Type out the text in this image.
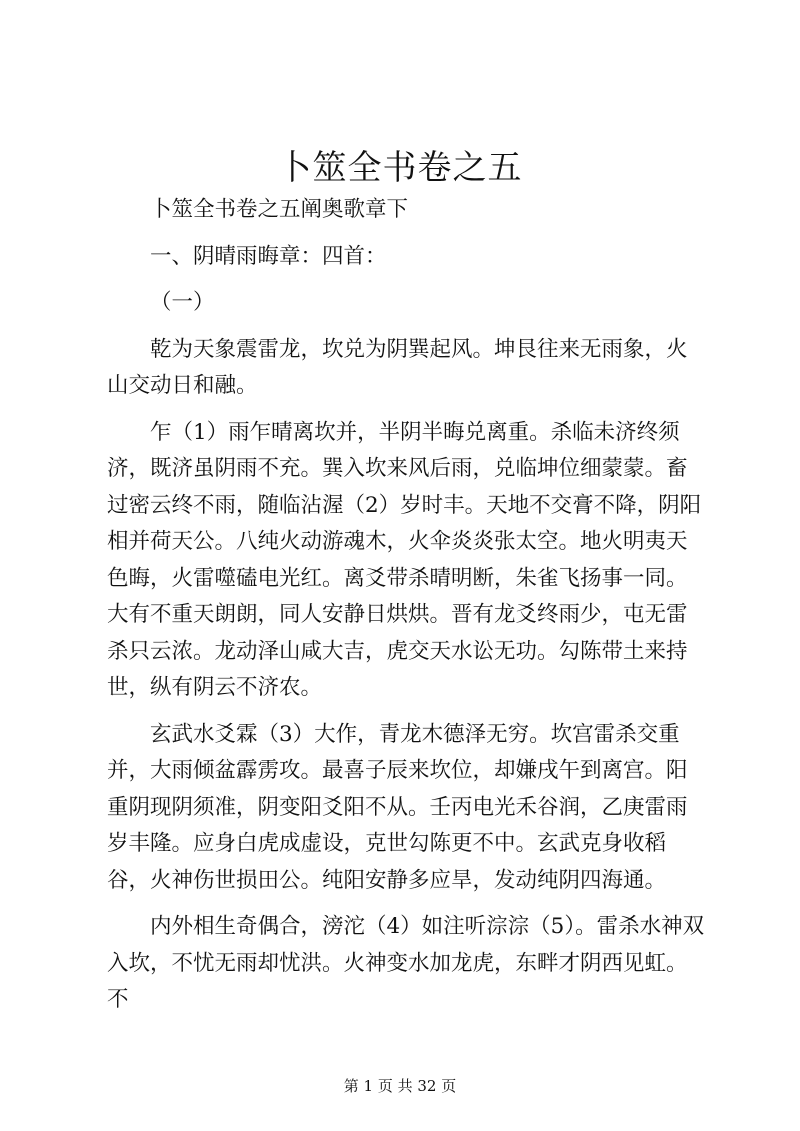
卜筮全书卷之五

卜筮全书卷之五阐奥歌章下

一、阴晴雨晦章：四首：

（一）

乾为天象震雷龙，坎兑为阴巽起风。坤艮往来无雨象，火山交动日和融。

乍（1）雨乍晴离坎并，半阴半晦兑离重。杀临未济终须济，既济虽阴雨不充。巽入坎来风后雨，兑临坤位细蒙蒙。畜过密云终不雨，随临沾渥（2）岁时丰。天地不交膏不降，阴阳相并荷天公。八纯火动游魂木，火伞炎炎张太空。地火明夷天色晦，火雷噬磕电光红。离爻带杀晴明断，朱雀飞扬事一同。大有不重天朗朗，同人安静日烘烘。晋有龙爻终雨少，屯无雷杀只云浓。龙动泽山咸大吉，虎交天水讼无功。勾陈带土来持世，纵有阴云不济农。

玄武水爻霖（3）大作，青龙木德泽无穷。坎宫雷杀交重并，大雨倾盆霹雳攻。最喜子辰来坎位，却嫌戌午到离宫。阳重阴现阴须准，阴变阳爻阳不从。壬丙电光禾谷润，乙庚雷雨岁丰隆。应身白虎成虚设，克世勾陈更不中。玄武克身收稻谷，火神伤世损田公。纯阳安静多应旱，发动纯阴四海通。

内外相生奇偶合，滂沱（4）如注听淙淙（5）。雷杀水神双入坎，不忧无雨却忧洪。火神变水加龙虎，东畔才阴西见虹。不

第 1 页 共 32 页
